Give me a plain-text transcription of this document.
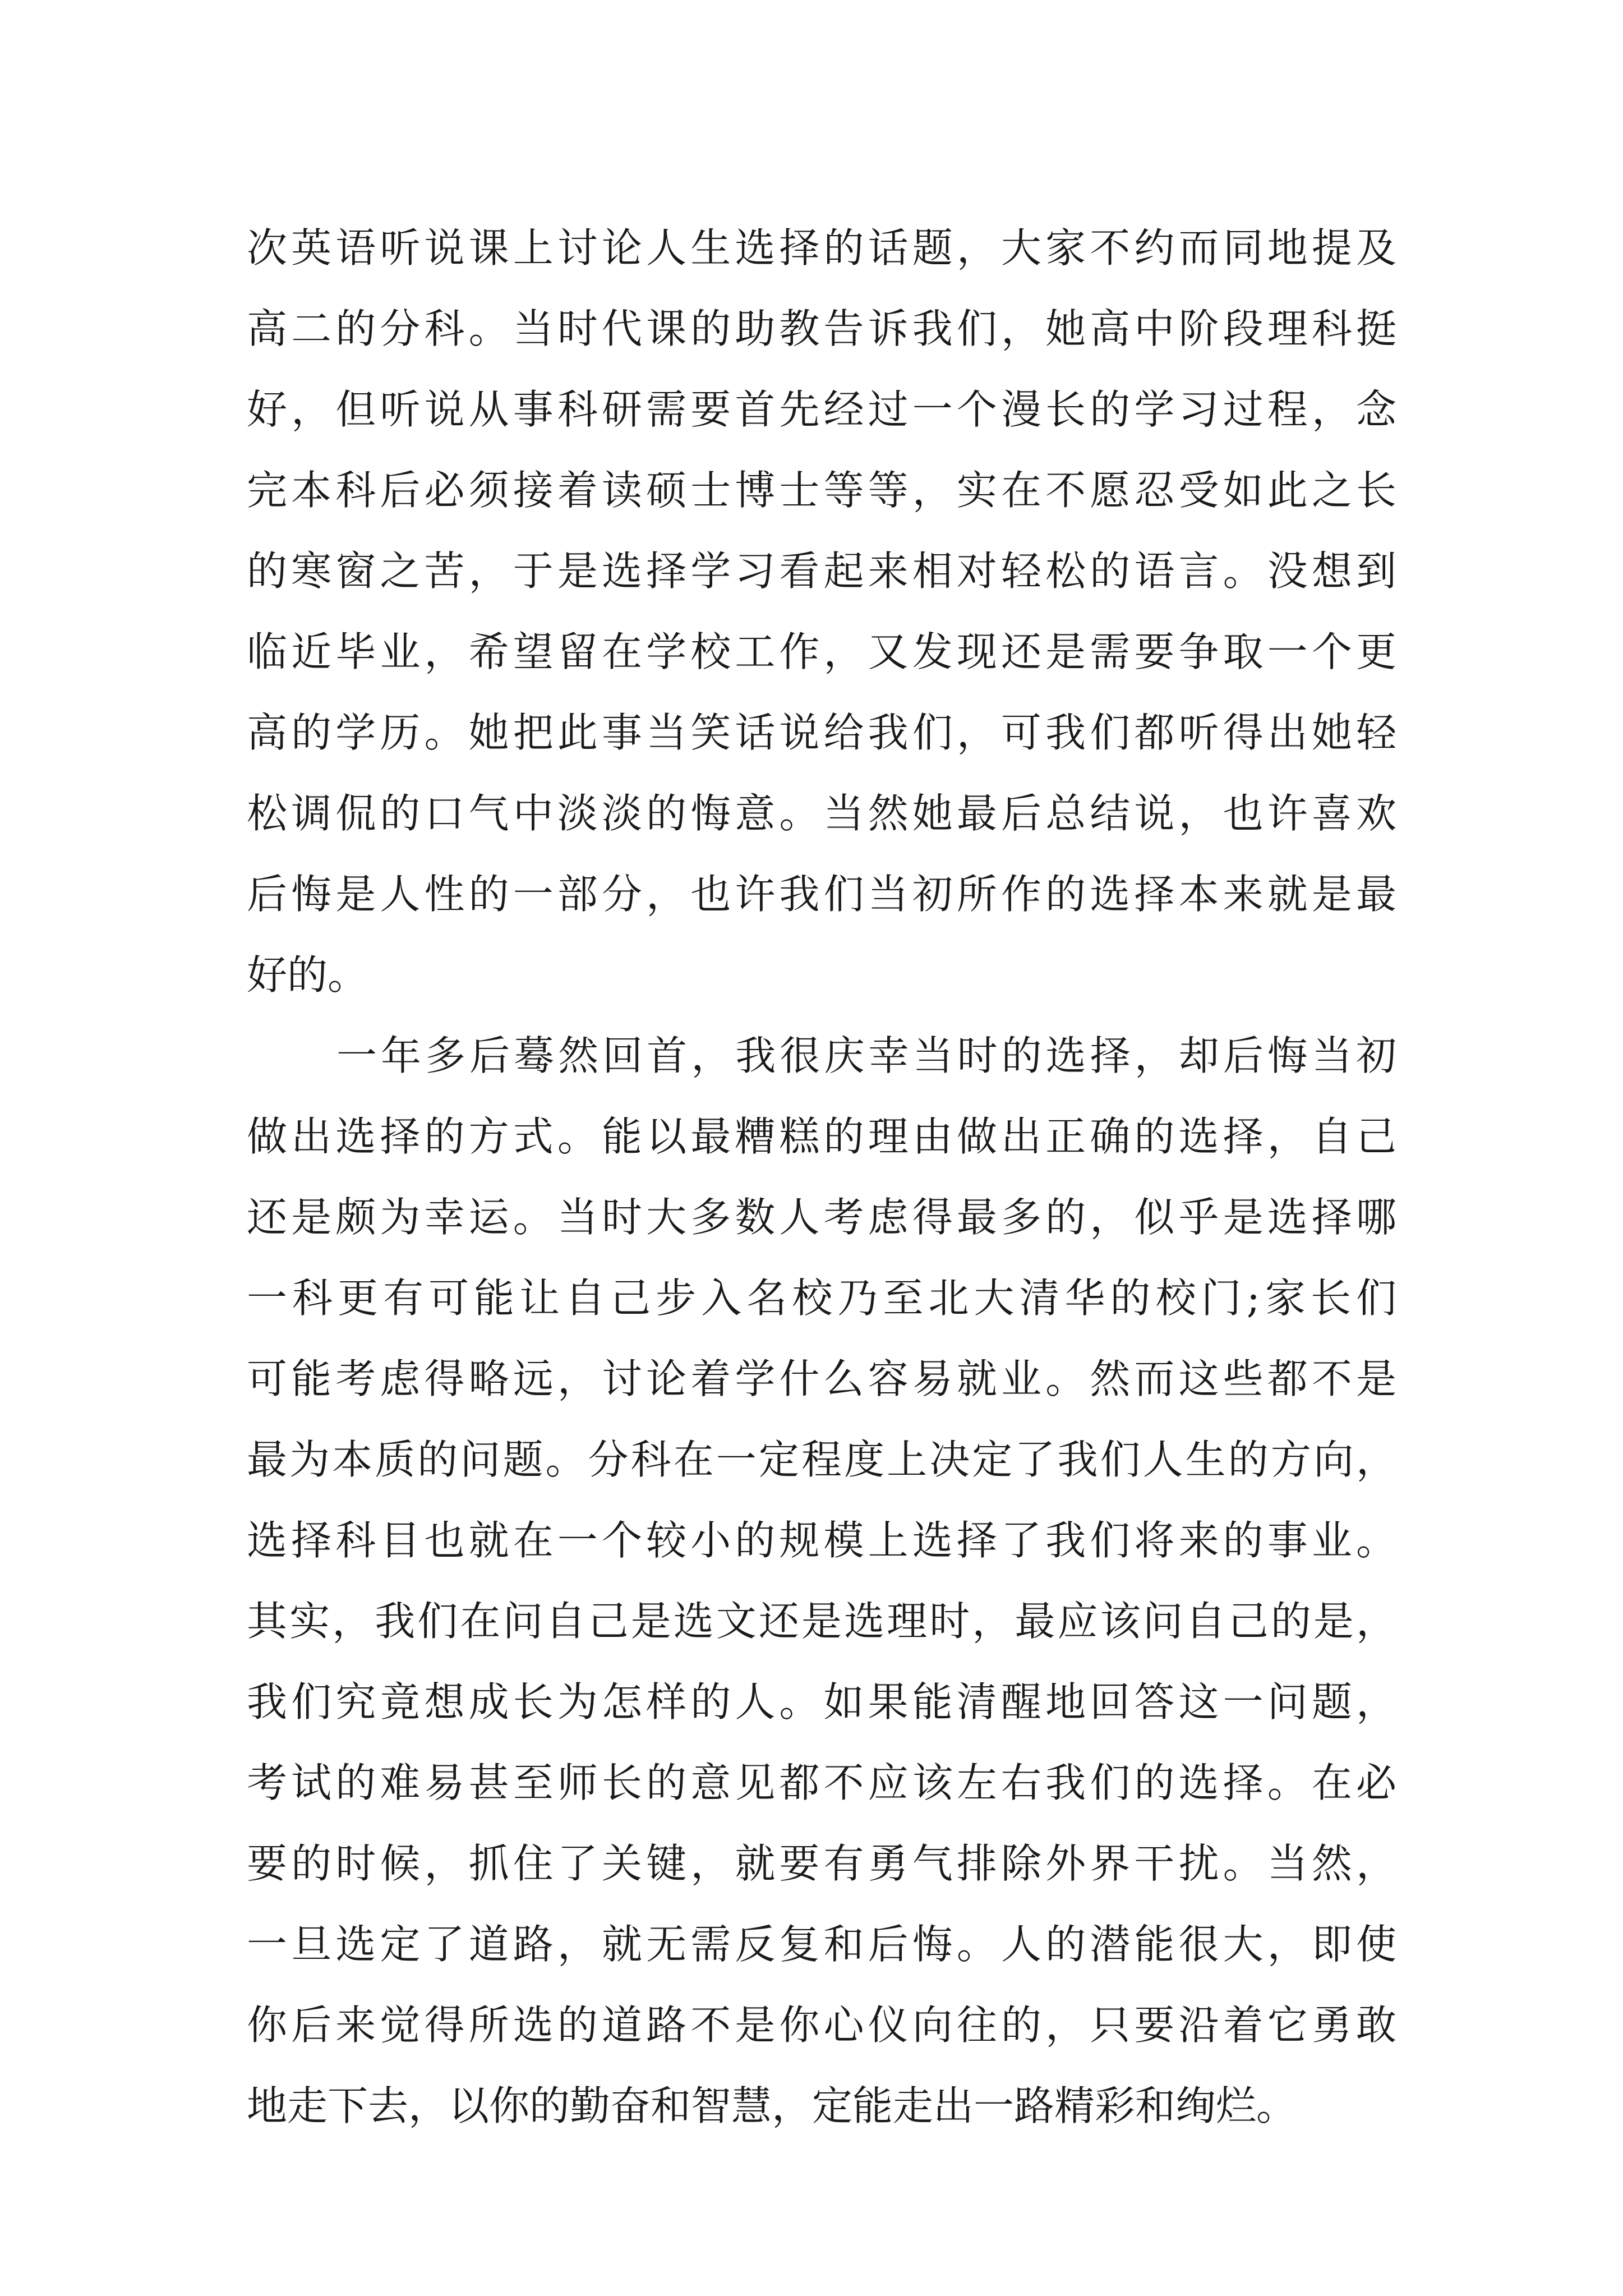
次英语听说课上讨论人生选择的话题，大家不约而同地提及
高二的分科。当时代课的助教告诉我们，她高中阶段理科挺
好，但听说从事科研需要首先经过一个漫长的学习过程，念
完本科后必须接着读硕士博士等等，实在不愿忍受如此之长
的寒窗之苦，于是选择学习看起来相对轻松的语言。没想到
临近毕业，希望留在学校工作，又发现还是需要争取一个更
高的学历。她把此事当笑话说给我们，可我们都听得出她轻
松调侃的口气中淡淡的悔意。当然她最后总结说，也许喜欢
后悔是人性的一部分，也许我们当初所作的选择本来就是最
好的。
一年多后蓦然回首，我很庆幸当时的选择，却后悔当初
做出选择的方式。能以最糟糕的理由做出正确的选择，自己
还是颇为幸运。当时大多数人考虑得最多的，似乎是选择哪
一科更有可能让自己步入名校乃至北大清华的校门;家长们
可能考虑得略远，讨论着学什么容易就业。然而这些都不是
最为本质的问题。分科在一定程度上决定了我们人生的方向，
选择科目也就在一个较小的规模上选择了我们将来的事业。
其实，我们在问自己是选文还是选理时，最应该问自己的是，
我们究竟想成长为怎样的人。如果能清醒地回答这一问题，
考试的难易甚至师长的意见都不应该左右我们的选择。在必
要的时候，抓住了关键，就要有勇气排除外界干扰。当然，
一旦选定了道路，就无需反复和后悔。人的潜能很大，即使
你后来觉得所选的道路不是你心仪向往的，只要沿着它勇敢
地走下去，以你的勤奋和智慧，定能走出一路精彩和绚烂。
